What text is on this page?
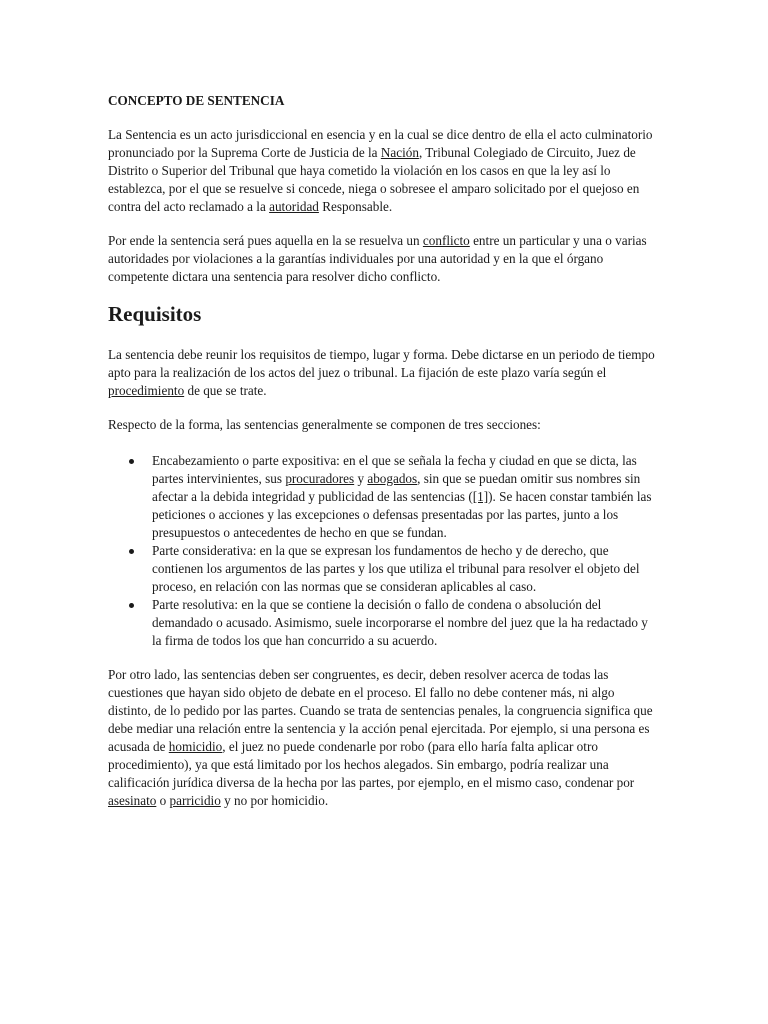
CONCEPTO DE SENTENCIA

La Sentencia es un acto jurisdiccional en esencia y en la cual se dice dentro de ella el acto culminatorio pronunciado por la Suprema Corte de Justicia de la Nación, Tribunal Colegiado de Circuito, Juez de Distrito o Superior del Tribunal que haya cometido la violación en los casos en que la ley así lo establezca, por el que se resuelve si concede, niega o sobresee el amparo solicitado por el quejoso en contra del acto reclamado a la autoridad Responsable.

Por ende la sentencia será pues aquella en la se resuelva un conflicto entre un particular y una o varias autoridades por violaciones a la garantías individuales por una autoridad y en la que el órgano competente dictara una sentencia para resolver dicho conflicto.

Requisitos

La sentencia debe reunir los requisitos de tiempo, lugar y forma. Debe dictarse en un periodo de tiempo apto para la realización de los actos del juez o tribunal. La fijación de este plazo varía según el procedimiento de que se trate.

Respecto de la forma, las sentencias generalmente se componen de tres secciones:

Encabezamiento o parte expositiva: en el que se señala la fecha y ciudad en que se dicta, las partes intervinientes, sus procuradores y abogados, sin que se puedan omitir sus nombres sin afectar a la debida integridad y publicidad de las sentencias ([1]). Se hacen constar también las peticiones o acciones y las excepciones o defensas presentadas por las partes, junto a los presupuestos o antecedentes de hecho en que se fundan.
Parte considerativa: en la que se expresan los fundamentos de hecho y de derecho, que contienen los argumentos de las partes y los que utiliza el tribunal para resolver el objeto del proceso, en relación con las normas que se consideran aplicables al caso.
Parte resolutiva: en la que se contiene la decisión o fallo de condena o absolución del demandado o acusado. Asimismo, suele incorporarse el nombre del juez que la ha redactado y la firma de todos los que han concurrido a su acuerdo.

Por otro lado, las sentencias deben ser congruentes, es decir, deben resolver acerca de todas las cuestiones que hayan sido objeto de debate en el proceso. El fallo no debe contener más, ni algo distinto, de lo pedido por las partes. Cuando se trata de sentencias penales, la congruencia significa que debe mediar una relación entre la sentencia y la acción penal ejercitada. Por ejemplo, si una persona es acusada de homicidio, el juez no puede condenarle por robo (para ello haría falta aplicar otro procedimiento), ya que está limitado por los hechos alegados. Sin embargo, podría realizar una calificación jurídica diversa de la hecha por las partes, por ejemplo, en el mismo caso, condenar por asesinato o parricidio y no por homicidio.
